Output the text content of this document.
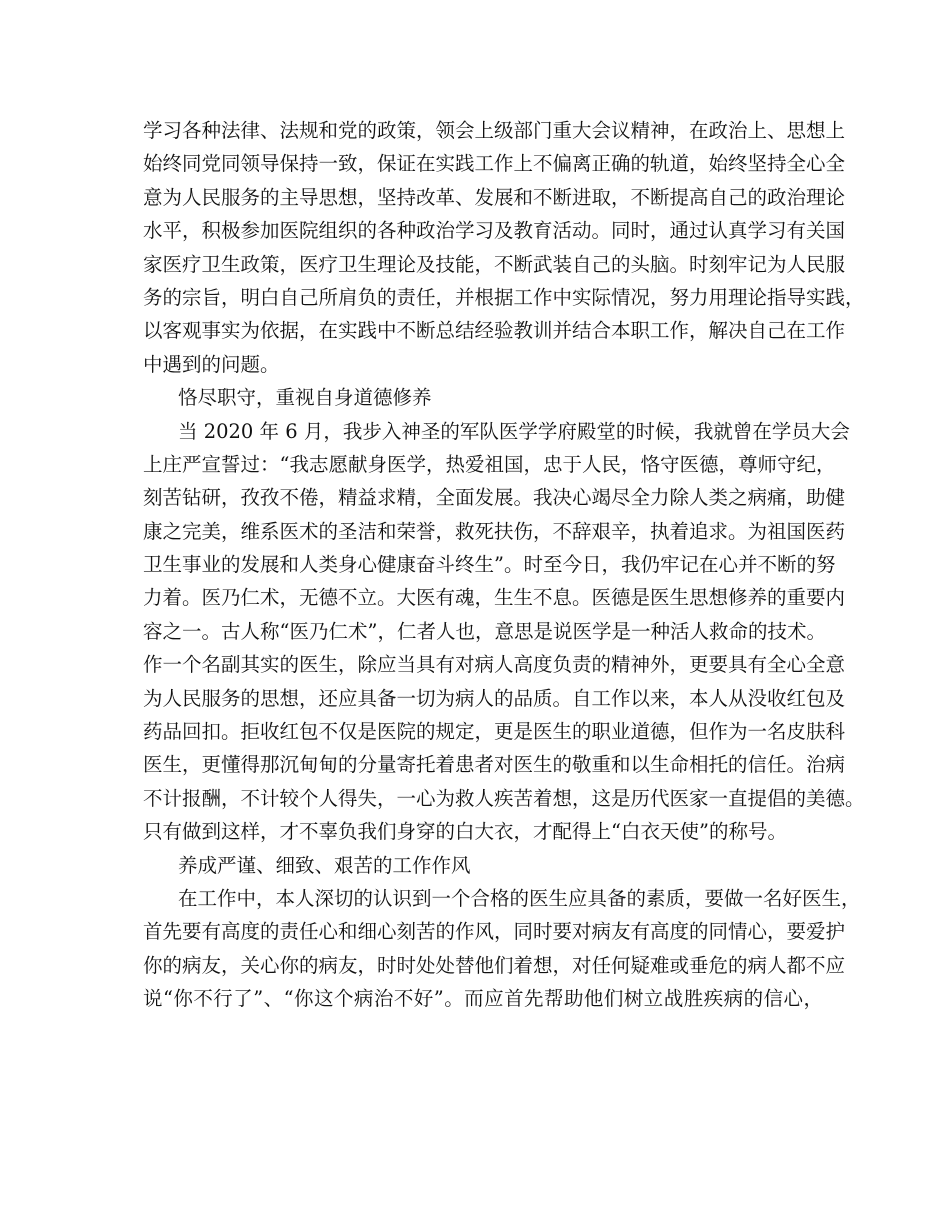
学习各种法律、法规和党的政策，领会上级部门重大会议精神，在政治上、思想上
始终同党同领导保持一致，保证在实践工作上不偏离正确的轨道，始终坚持全心全
意为人民服务的主导思想，坚持改革、发展和不断进取，不断提高自己的政治理论
水平，积极参加医院组织的各种政治学习及教育活动。同时，通过认真学习有关国
家医疗卫生政策，医疗卫生理论及技能，不断武装自己的头脑。时刻牢记为人民服
务的宗旨，明白自己所肩负的责任，并根据工作中实际情况，努力用理论指导实践，
以客观事实为依据，在实践中不断总结经验教训并结合本职工作，解决自己在工作
中遇到的问题。
恪尽职守，重视自身道德修养
当 2020 年 6 月，我步入神圣的军队医学学府殿堂的时候，我就曾在学员大会
上庄严宣誓过：“我志愿献身医学，热爱祖国，忠于人民，恪守医德，尊师守纪，
刻苦钻研，孜孜不倦，精益求精，全面发展。我决心竭尽全力除人类之病痛，助健
康之完美，维系医术的圣洁和荣誉，救死扶伤，不辞艰辛，执着追求。为祖国医药
卫生事业的发展和人类身心健康奋斗终生”。时至今日，我仍牢记在心并不断的努
力着。医乃仁术，无德不立。大医有魂，生生不息。医德是医生思想修养的重要内
容之一。古人称“医乃仁术”，仁者人也，意思是说医学是一种活人救命的技术。
作一个名副其实的医生，除应当具有对病人高度负责的精神外，更要具有全心全意
为人民服务的思想，还应具备一切为病人的品质。自工作以来，本人从没收红包及
药品回扣。拒收红包不仅是医院的规定，更是医生的职业道德，但作为一名皮肤科
医生，更懂得那沉甸甸的分量寄托着患者对医生的敬重和以生命相托的信任。治病
不计报酬，不计较个人得失，一心为救人疾苦着想，这是历代医家一直提倡的美德。
只有做到这样，才不辜负我们身穿的白大衣，才配得上“白衣天使”的称号。
养成严谨、细致、艰苦的工作作风
在工作中，本人深切的认识到一个合格的医生应具备的素质，要做一名好医生，
首先要有高度的责任心和细心刻苦的作风，同时要对病友有高度的同情心，要爱护
你的病友，关心你的病友，时时处处替他们着想，对任何疑难或垂危的病人都不应
说“你不行了”、“你这个病治不好”。而应首先帮助他们树立战胜疾病的信心，
